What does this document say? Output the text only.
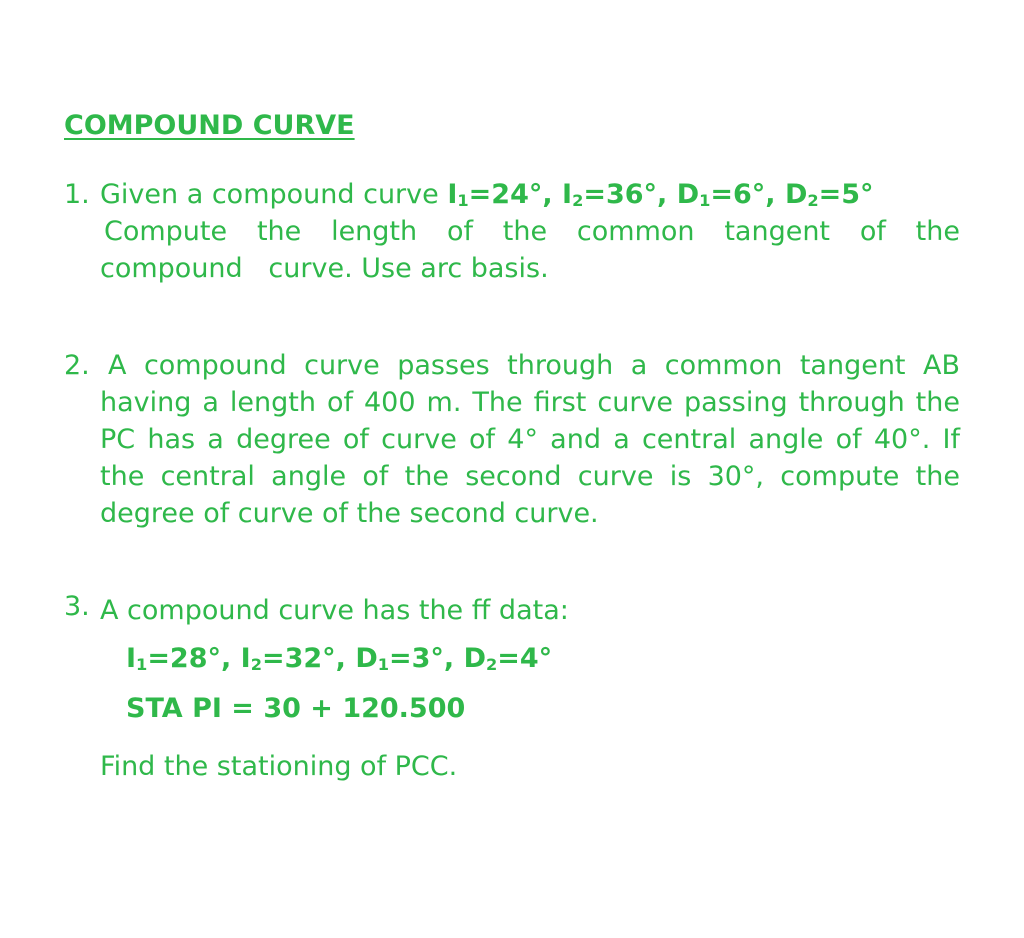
COMPOUND CURVE
1. Given a compound curve $I_1=24^\circ$, $I_2=36^\circ$, $D_1=6^\circ$, $D_2=5^\circ$
Compute the length of the common tangent of the
compound   curve. Use arc basis.
2. A compound curve passes through a common tangent AB
having a length of 400 m. The first curve passing through the
PC has a degree of curve of 4° and a central angle of 40°. If
the central angle of the second curve is 30°, compute the
degree of curve of the second curve.
3. A compound curve has the ff data:
$I_1=28^\circ$, $I_2=32^\circ$, $D_1=3^\circ$, $D_2=4^\circ$
STA PI = 30 + 120.500
Find the stationing of PCC.
